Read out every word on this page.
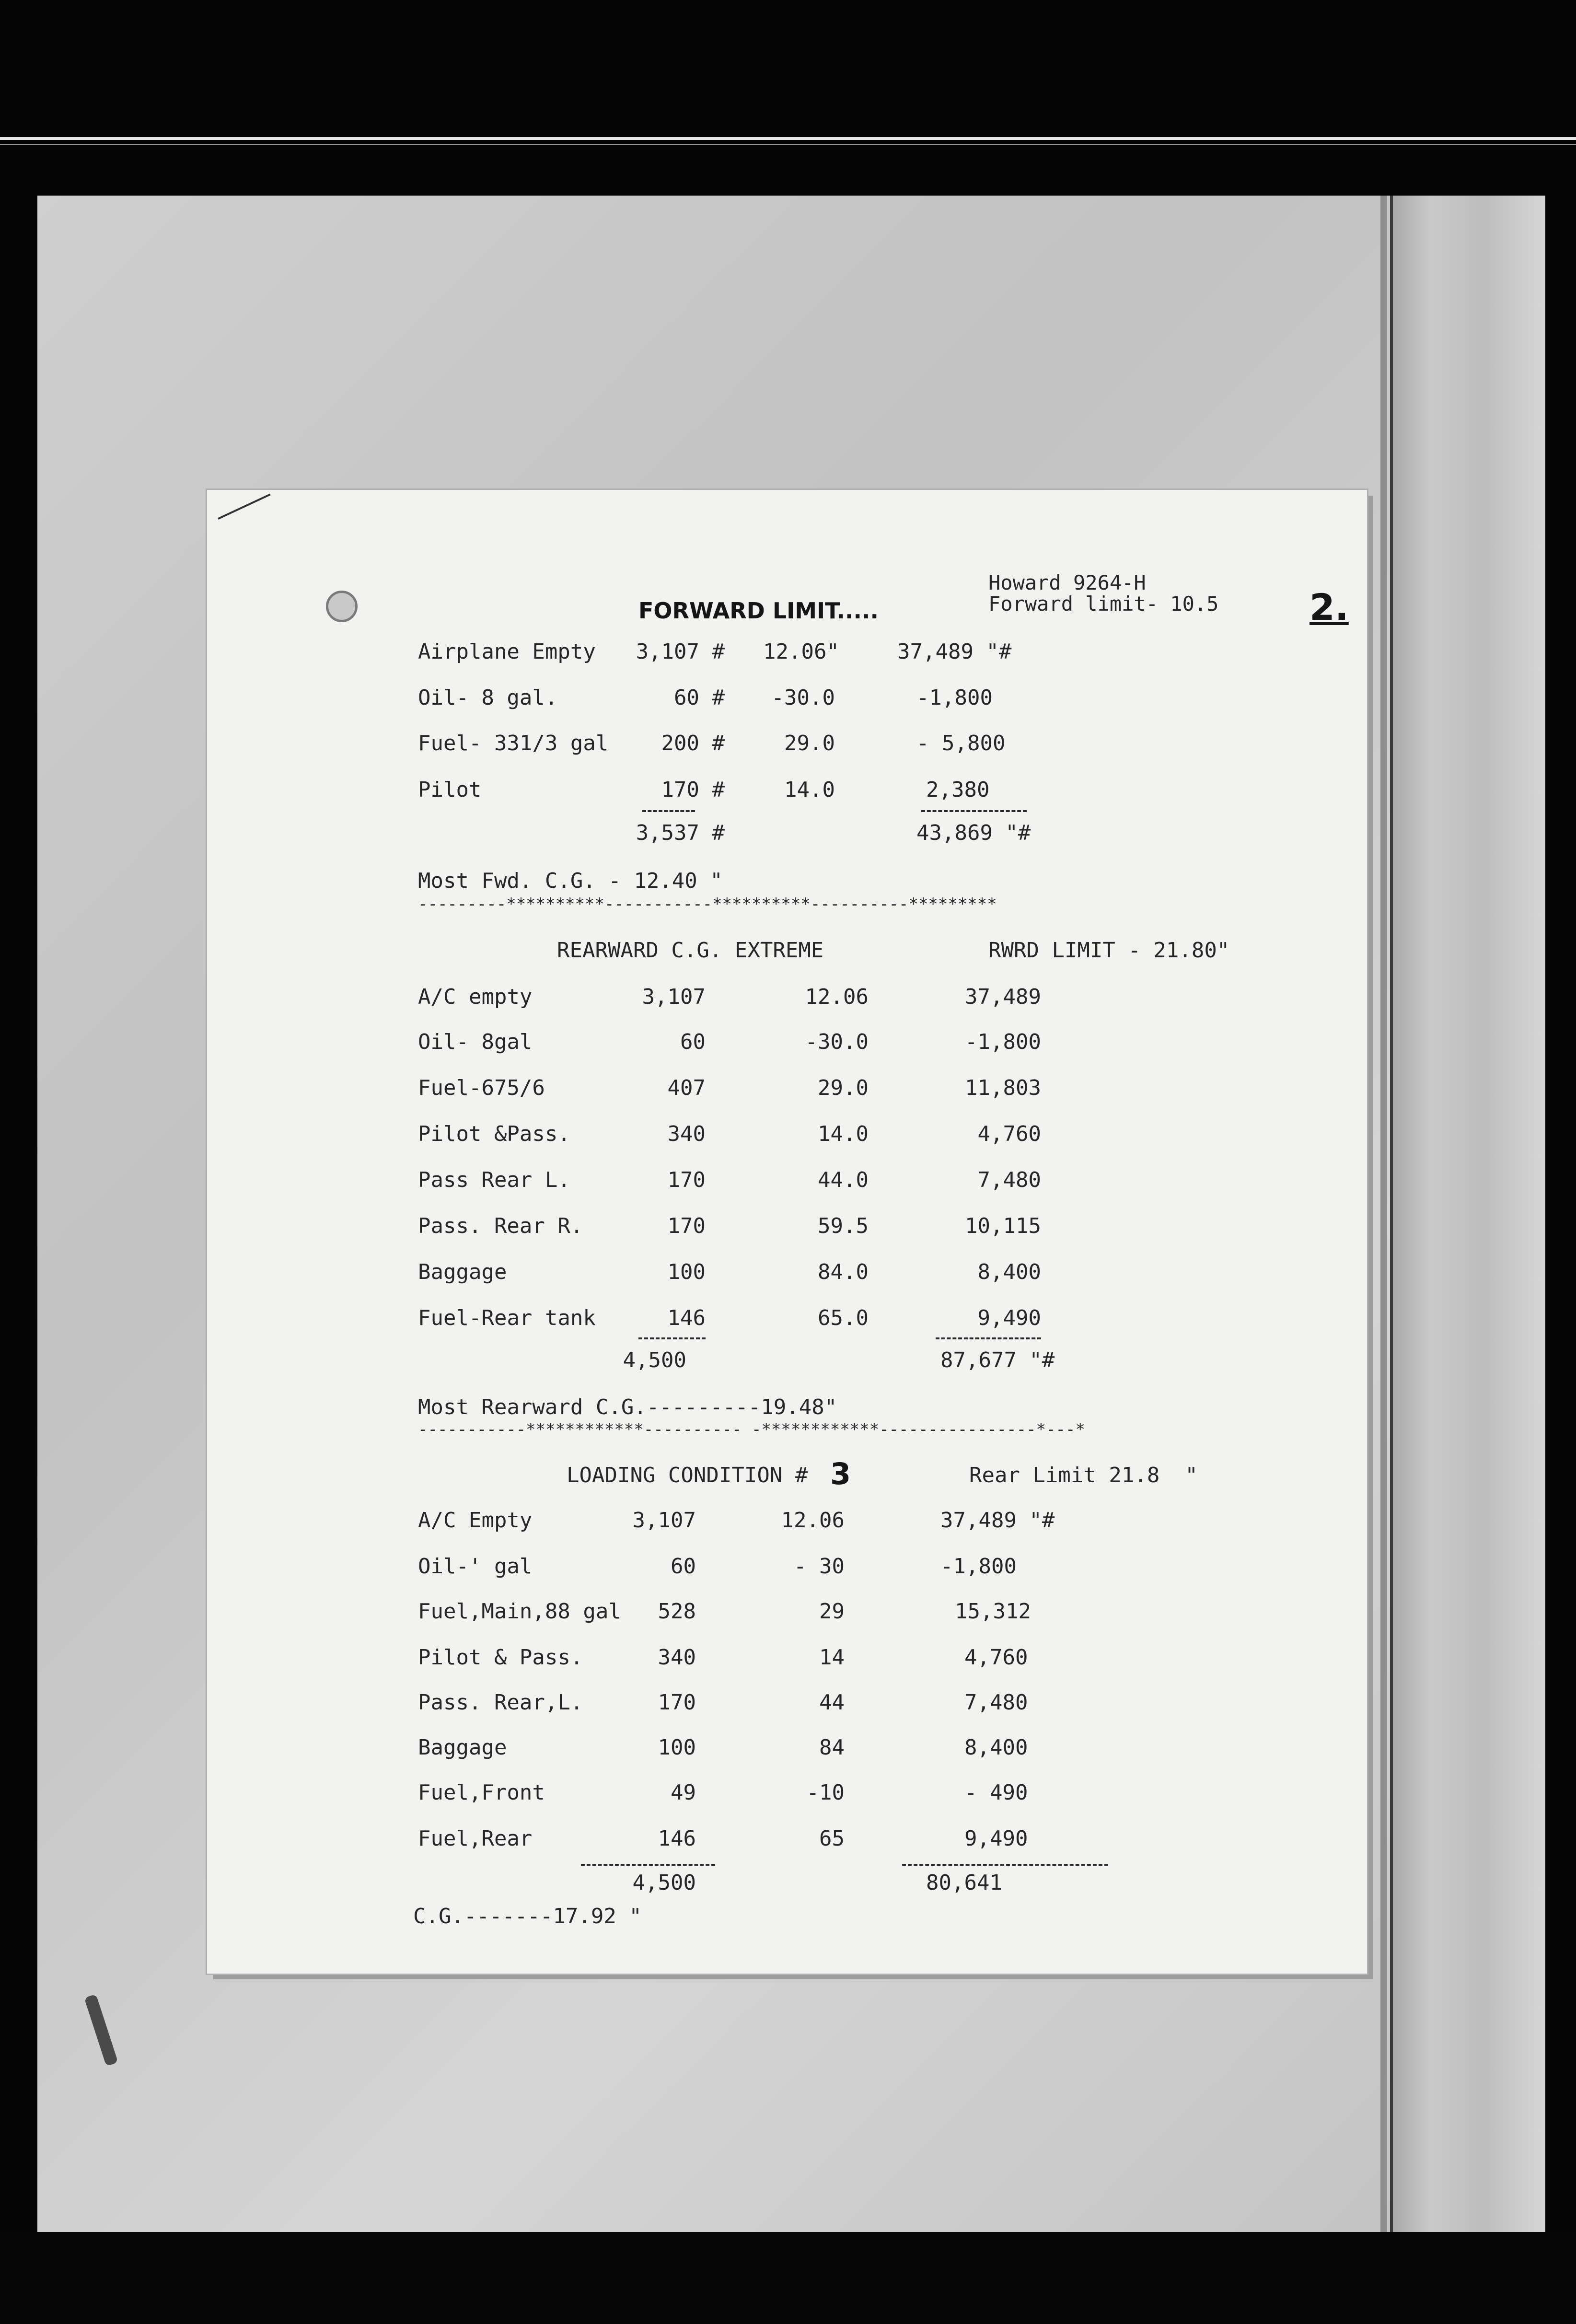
FORWARD LIMIT.....
Howard 9264-H
Forward limit- 10.5 2.
Airplane Empty	3,107 # 12.06"	37,489 "#
Oil- 8 gal.	60 #	-30.0	-1,800
Fuel- 331/3 gal	200 #	29.0	- 5,800
Pilot	170 #	14.0	2,380
3,537 #	43,869 "#
Most Fwd. C.G. - 12.40 "
---------**********-----------**********----------*********
REARWARD C.G. EXTREME	RWRD LIMIT - 21.80"
A/C empty	3,107	12.06	37,489
Oil- 8gal	60	-30.0	-1,800
Fuel-675/6	407	29.0	11,803
Pilot &Pass.	340	14.0	4,760
Pass Rear L.	170	44.0	7,480
Pass. Rear R.	170	59.5	10,115
Baggage	100	84.0	8,400
Fuel-Rear tank	146	65.0	9,490
4,500	87,677 "#
Most Rearward C.G.---------19.48"
-----------************---------- -************----------------*---*
LOADING CONDITION # 3	Rear Limit 21.8  "
A/C Empty	3,107	12.06	37,489 "#
Oil-' gal	60	- 30	-1,800
Fuel,Main,88 gal	528	29	15,312
Pilot & Pass.	340	14	4,760
Pass. Rear,L.	170	44	7,480
Baggage	100	84	8,400
Fuel,Front	49	-10	- 490
Fuel,Rear	146	65	9,490
4,500	80,641
C.G.-------17.92 "
